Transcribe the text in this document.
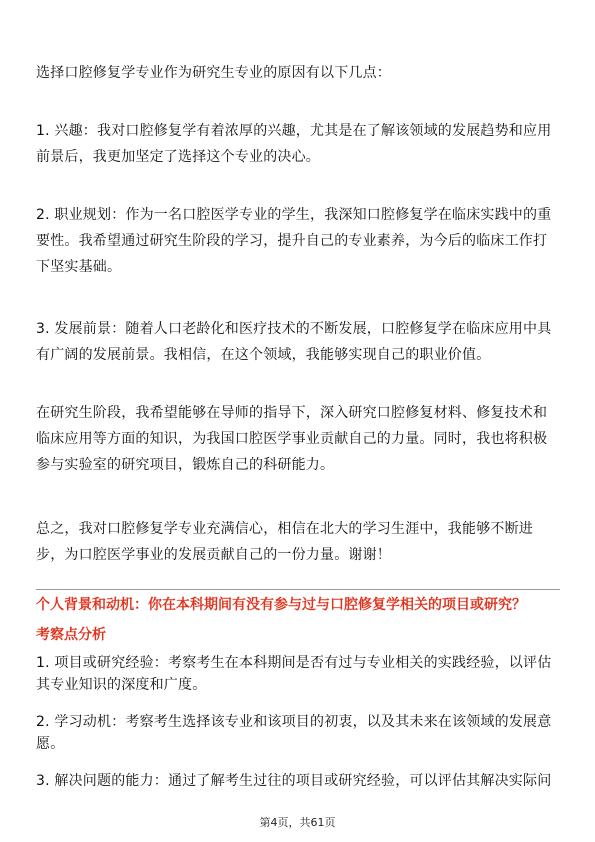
选择口腔修复学专业作为研究生专业的原因有以下几点：

1. 兴趣：我对口腔修复学有着浓厚的兴趣，尤其是在了解该领域的发展趋势和应用前景后，我更加坚定了选择这个专业的决心。

2. 职业规划：作为一名口腔医学专业的学生，我深知口腔修复学在临床实践中的重要性。我希望通过研究生阶段的学习，提升自己的专业素养，为今后的临床工作打下坚实基础。

3. 发展前景：随着人口老龄化和医疗技术的不断发展，口腔修复学在临床应用中具有广阔的发展前景。我相信，在这个领域，我能够实现自己的职业价值。

在研究生阶段，我希望能够在导师的指导下，深入研究口腔修复材料、修复技术和临床应用等方面的知识，为我国口腔医学事业贡献自己的力量。同时，我也将积极参与实验室的研究项目，锻炼自己的科研能力。

总之，我对口腔修复学专业充满信心，相信在北大的学习生涯中，我能够不断进步，为口腔医学事业的发展贡献自己的一份力量。谢谢！

个人背景和动机：你在本科期间有没有参与过与口腔修复学相关的项目或研究？

考察点分析

1. 项目或研究经验：考察考生在本科期间是否有过与专业相关的实践经验，以评估其专业知识的深度和广度。

2. 学习动机：考察考生选择该专业和该项目的初衷，以及其未来在该领域的发展意愿。

3. 解决问题的能力：通过了解考生过往的项目或研究经验，可以评估其解决实际问

第4页，共61页
